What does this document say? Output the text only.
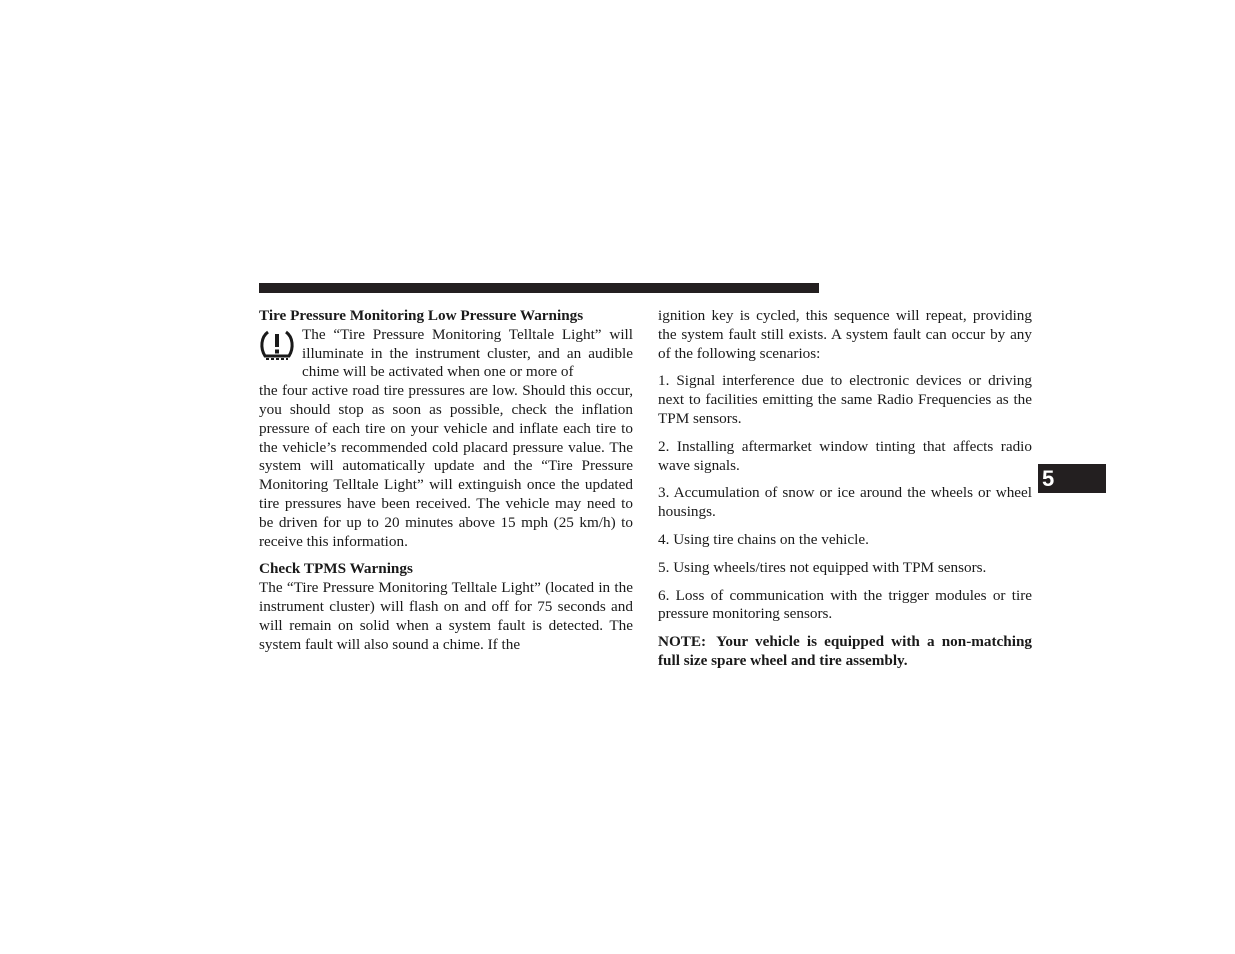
Tire Pressure Monitoring Low Pressure Warnings

The “Tire Pressure Monitoring Telltale Light” will illuminate in the instrument cluster, and an audible chime will be activated when one or more of

the four active road tire pressures are low. Should this occur, you should stop as soon as possible, check the inflation pressure of each tire on your vehicle and inflate each tire to the vehicle’s recommended cold placard pressure value. The system will automatically update and the “Tire Pressure Monitoring Telltale Light” will extinguish once the updated tire pressures have been received. The vehicle may need to be driven for up to 20 minutes above 15 mph (25 km/h) to receive this information.

Check TPMS Warnings

The “Tire Pressure Monitoring Telltale Light” (located in the instrument cluster) will flash on and off for 75 seconds and will remain on solid when a system fault is detected. The system fault will also sound a chime. If the

ignition key is cycled, this sequence will repeat, providing the system fault still exists. A system fault can occur by any of the following scenarios:

1. Signal interference due to electronic devices or driving next to facilities emitting the same Radio Frequencies as the TPM sensors.

2. Installing aftermarket window tinting that affects radio wave signals.

3. Accumulation of snow or ice around the wheels or wheel housings.

4. Using tire chains on the vehicle.

5. Using wheels/tires not equipped with TPM sensors.

6. Loss of communication with the trigger modules or tire pressure monitoring sensors.

NOTE: Your vehicle is equipped with a non-matching full size spare wheel and tire assembly.

5
